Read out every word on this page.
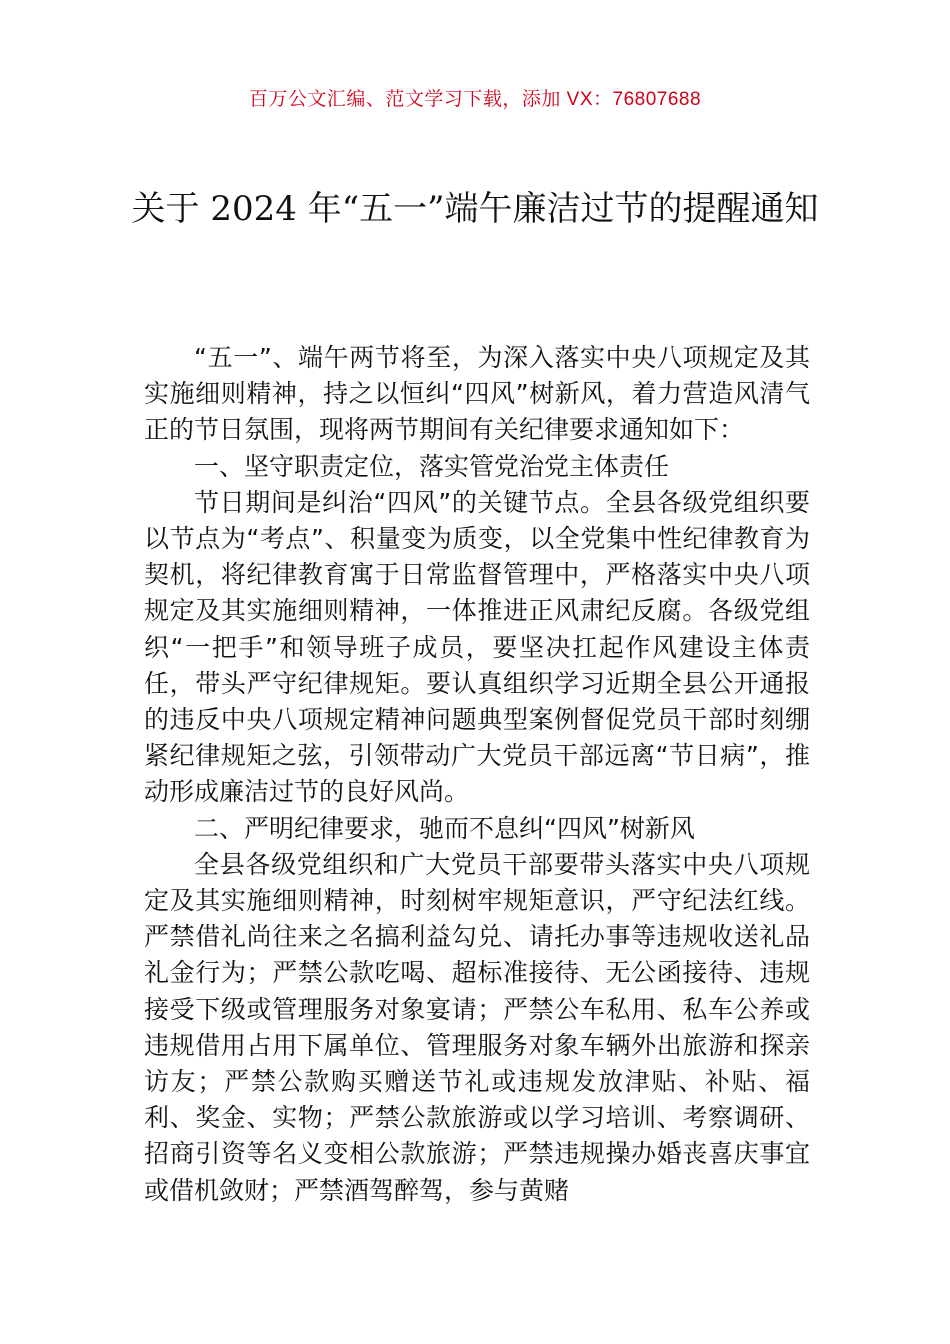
百万公文汇编、范文学习下载，添加 VX：76807688
关于 2024 年“五一”端午廉洁过节的提醒通知

“五一”、端午两节将至，为深入落实中央八项规定及其实施细则精神，持之以恒纠“四风”树新风，着力营造风清气正的节日氛围，现将两节期间有关纪律要求通知如下：

一、坚守职责定位，落实管党治党主体责任

节日期间是纠治“四风”的关键节点。全县各级党组织要以节点为“考点”、积量变为质变，以全党集中性纪律教育为契机，将纪律教育寓于日常监督管理中，严格落实中央八项规定及其实施细则精神，一体推进正风肃纪反腐。各级党组织“一把手”和领导班子成员，要坚决扛起作风建设主体责任，带头严守纪律规矩。要认真组织学习近期全县公开通报的违反中央八项规定精神问题典型案例督促党员干部时刻绷紧纪律规矩之弦，引领带动广大党员干部远离“节日病”，推动形成廉洁过节的良好风尚。

二、严明纪律要求，驰而不息纠“四风”树新风

全县各级党组织和广大党员干部要带头落实中央八项规定及其实施细则精神，时刻树牢规矩意识，严守纪法红线。严禁借礼尚往来之名搞利益勾兑、请托办事等违规收送礼品礼金行为；严禁公款吃喝、超标准接待、无公函接待、违规接受下级或管理服务对象宴请；严禁公车私用、私车公养或违规借用占用下属单位、管理服务对象车辆外出旅游和探亲访友；严禁公款购买赠送节礼或违规发放津贴、补贴、福利、奖金、实物；严禁公款旅游或以学习培训、考察调研、招商引资等名义变相公款旅游；严禁违规操办婚丧喜庆事宜或借机敛财；严禁酒驾醉驾，参与黄赌
